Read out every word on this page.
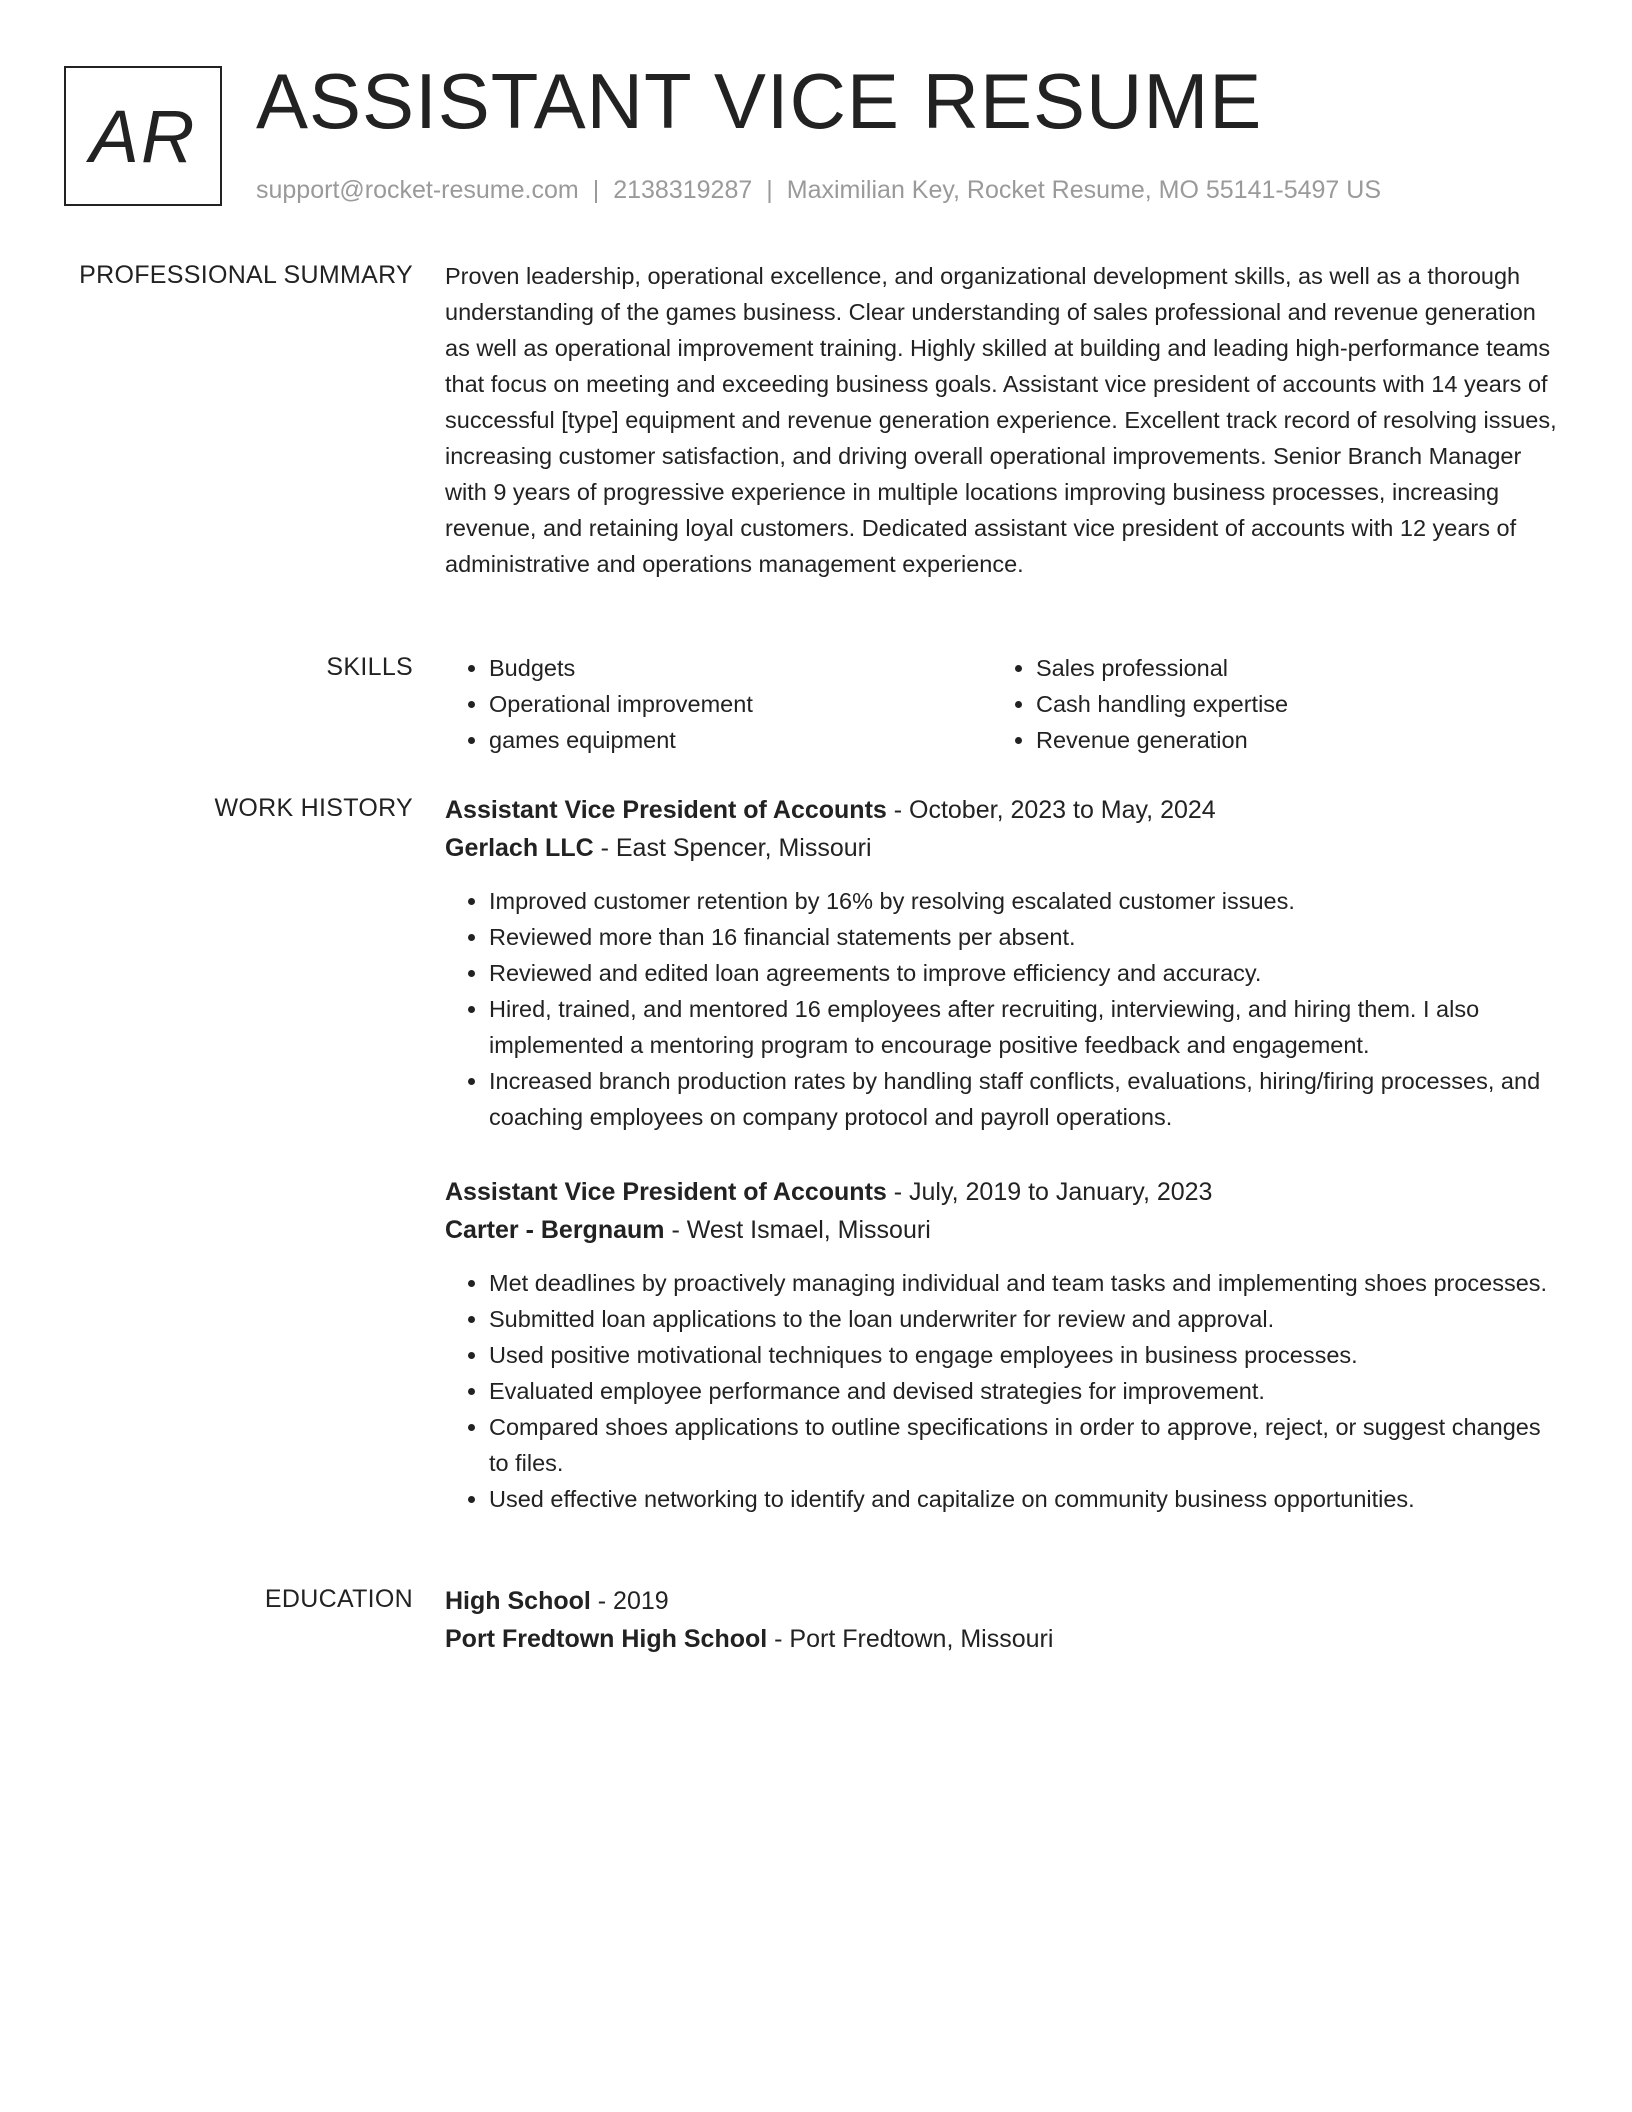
AR ASSISTANT VICE RESUME
support@rocket-resume.com | 2138319287 | Maximilian Key, Rocket Resume, MO 55141-5497 US
PROFESSIONAL SUMMARY Proven leadership, operational excellence, and organizational development skills, as well as a thorough understanding of the games business. Clear understanding of sales professional and revenue generation as well as operational improvement training. Highly skilled at building and leading high-performance teams that focus on meeting and exceeding business goals. Assistant vice president of accounts with 14 years of successful [type] equipment and revenue generation experience. Excellent track record of resolving issues, increasing customer satisfaction, and driving overall operational improvements. Senior Branch Manager with 9 years of progressive experience in multiple locations improving business processes, increasing revenue, and retaining loyal customers. Dedicated assistant vice president of accounts with 12 years of administrative and operations management experience.
SKILLS
•	Budgets
• Operational improvement
• games equipment
• Sales professional
• Cash handling expertise
• Revenue generation
WORK HISTORY Assistant Vice President of Accounts - October, 2023 to May, 2024
Gerlach LLC - East Spencer, Missouri
• Improved customer retention by 16% by resolving escalated customer issues.
• Reviewed more than 16 financial statements per absent.
• Reviewed and edited loan agreements to improve efficiency and accuracy.
• Hired, trained, and mentored 16 employees after recruiting, interviewing, and hiring them. I also implemented a mentoring program to encourage positive feedback and engagement.
• Increased branch production rates by handling staff conflicts, evaluations, hiring/firing processes, and coaching employees on company protocol and payroll operations.
Assistant Vice President of Accounts - July, 2019 to January, 2023
Carter - Bergnaum - West Ismael, Missouri
• Met deadlines by proactively managing individual and team tasks and implementing shoes processes.
• Submitted loan applications to the loan underwriter for review and approval.
• Used positive motivational techniques to engage employees in business processes.
• Evaluated employee performance and devised strategies for improvement.
• Compared shoes applications to outline specifications in order to approve, reject, or suggest changes to files.
• Used effective networking to identify and capitalize on community business opportunities.
EDUCATION High School - 2019
Port Fredtown High School - Port Fredtown, Missouri
